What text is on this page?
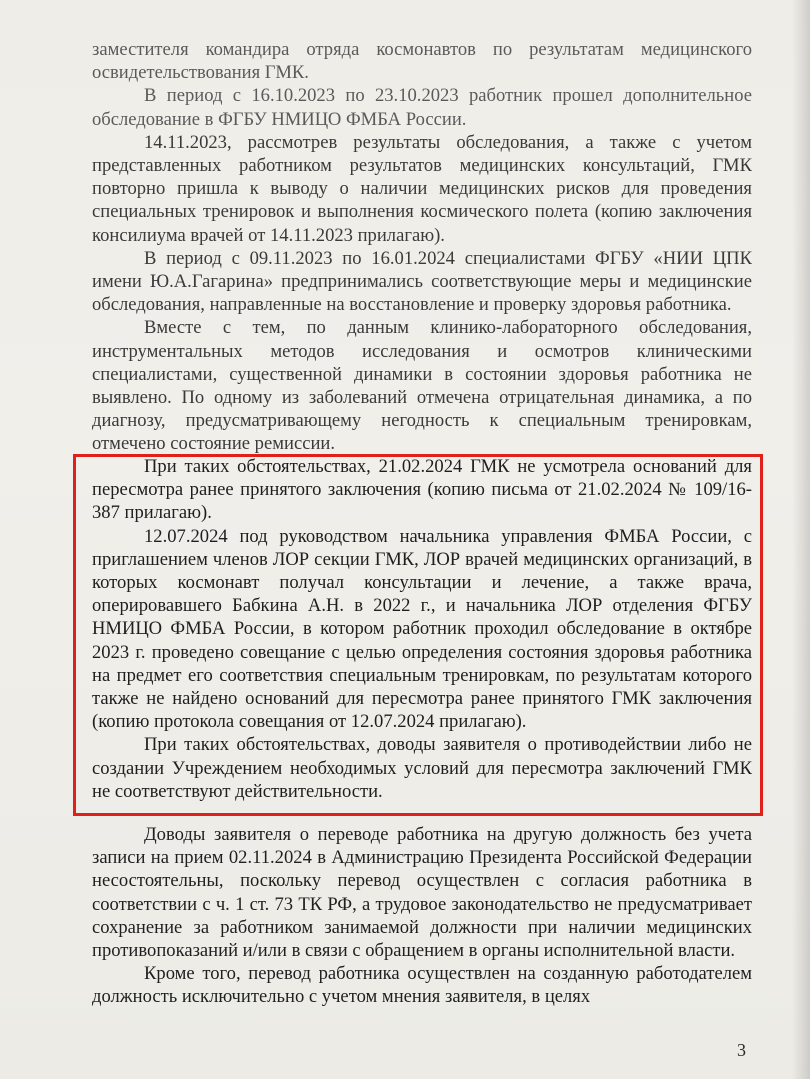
заместителя командира отряда космонавтов по результатам медицинского освидетельствования ГМК.

В период с 16.10.2023 по 23.10.2023 работник прошел дополнительное обследование в ФГБУ НМИЦО ФМБА России.

14.11.2023, рассмотрев результаты обследования, а также с учетом представленных работником результатов медицинских консультаций, ГМК повторно пришла к выводу о наличии медицинских рисков для проведения специальных тренировок и выполнения космического полета (копию заключения консилиума врачей от 14.11.2023 прилагаю).

В период с 09.11.2023 по 16.01.2024 специалистами ФГБУ «НИИ ЦПК имени Ю.А.Гагарина» предпринимались соответствующие меры и медицинские обследования, направленные на восстановление и проверку здоровья работника.

Вместе с тем, по данным клинико-лабораторного обследования, инструментальных методов исследования и осмотров клиническими специалистами, существенной динамики в состоянии здоровья работника не выявлено. По одному из заболеваний отмечена отрицательная динамика, а по диагнозу, предусматривающему негодность к специальным тренировкам, отмечено состояние ремиссии.

При таких обстоятельствах, 21.02.2024 ГМК не усмотрела оснований для пересмотра ранее принятого заключения (копию письма от 21.02.2024 № 109/16-387 прилагаю).

12.07.2024 под руководством начальника управления ФМБА России, с приглашением членов ЛОР секции ГМК, ЛОР врачей медицинских организаций, в которых космонавт получал консультации и лечение, а также врача, оперировавшего Бабкина А.Н. в 2022 г., и начальника ЛОР отделения ФГБУ НМИЦО ФМБА России, в котором работник проходил обследование в октябре 2023 г. проведено совещание с целью определения состояния здоровья работника на предмет его соответствия специальным тренировкам, по результатам которого также не найдено оснований для пересмотра ранее принятого ГМК заключения (копию протокола совещания от 12.07.2024 прилагаю).

При таких обстоятельствах, доводы заявителя о противодействии либо не создании Учреждением необходимых условий для пересмотра заключений ГМК не соответствуют действительности.

Доводы заявителя о переводе работника на другую должность без учета записи на прием 02.11.2024 в Администрацию Президента Российской Федерации несостоятельны, поскольку перевод осуществлен с согласия работника в соответствии с ч. 1 ст. 73 ТК РФ, а трудовое законодательство не предусматривает сохранение за работником занимаемой должности при наличии медицинских противопоказаний и/или в связи с обращением в органы исполнительной власти.

Кроме того, перевод работника осуществлен на созданную работодателем должность исключительно с учетом мнения заявителя, в целях

3
